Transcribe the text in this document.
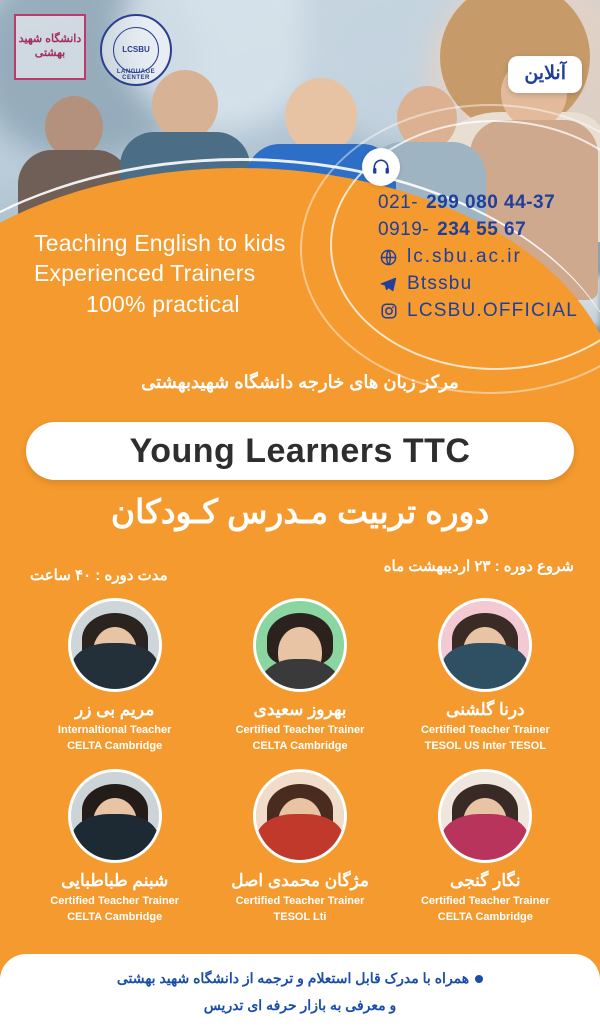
دانشگاه شهید بهشتی	LCSBU
LANGUAGE CENTER	آنلاین
Teaching English to kids
Experienced Trainers
100% practical
021- 299 080 44-37
0919- 234 55 67
lc.sbu.ac.ir
Btssbu
LCSBU.OFFICIAL
مرکز زبان های خارجه دانشگاه شهیدبهشتی
Young Learners TTC
دوره تربیت مـدرس کـودکان
شروع دوره : ۲۳ اردیبهشت ماه
مدت دوره : ۴۰ ساعت
درنا گلشنی
Certified Teacher Trainer
TESOL US Inter TESOL
بهروز سعیدی
Certified Teacher Trainer
CELTA Cambridge
مریم بی زر
Internaltional Teacher
CELTA Cambridge
نگار گنجی
Certified Teacher Trainer
CELTA Cambridge
مژگان محمدی اصل
Certified Teacher Trainer
TESOL Lti
شبنم طباطبایی
Certified Teacher Trainer
CELTA Cambridge
همراه با مدرک قابل استعلام و ترجمه از دانشگاه شهید بهشتی
و معرفی به بازار حرفه ای تدریس
